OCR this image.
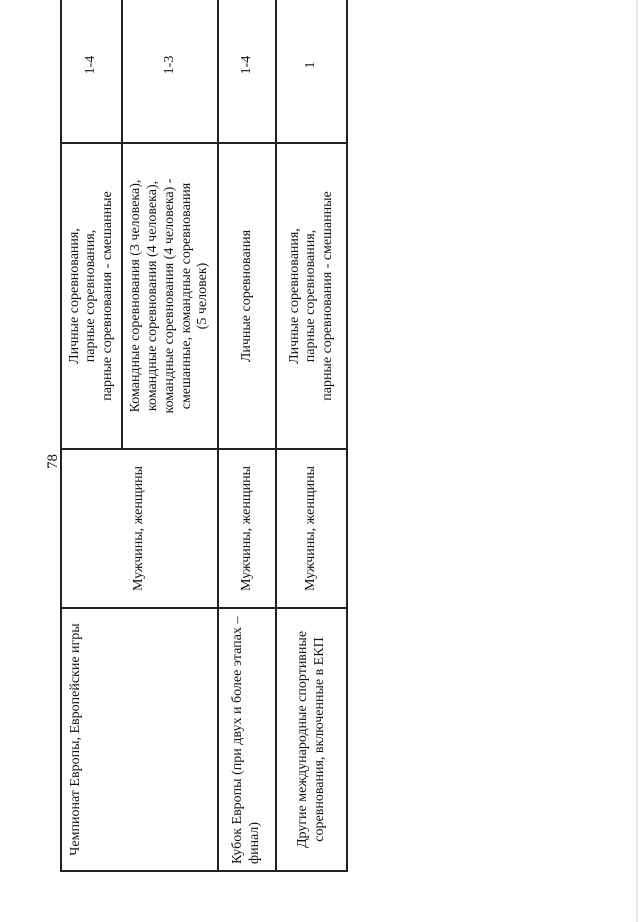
78
Чемпионат Европы, Европейские игры	Мужчины, женщины	Личные соревнования, парные соревнования, парные соревнования - смешанные	1-4

		Командные соревнования (3 человека), командные соревнования (4 человека), командные соревнования (4 человека) - смешанные, командные соревнования (5 человек)	1-3
Кубок Европы (при двух и более этапах – финал)	Мужчины, женщины	Личные соревнования	1-4
Другие международные спортивные соревнования, включенные в ЕКП	Мужчины, женщины	Личные соревнования, парные соревнования, парные соревнования - смешанные	1
